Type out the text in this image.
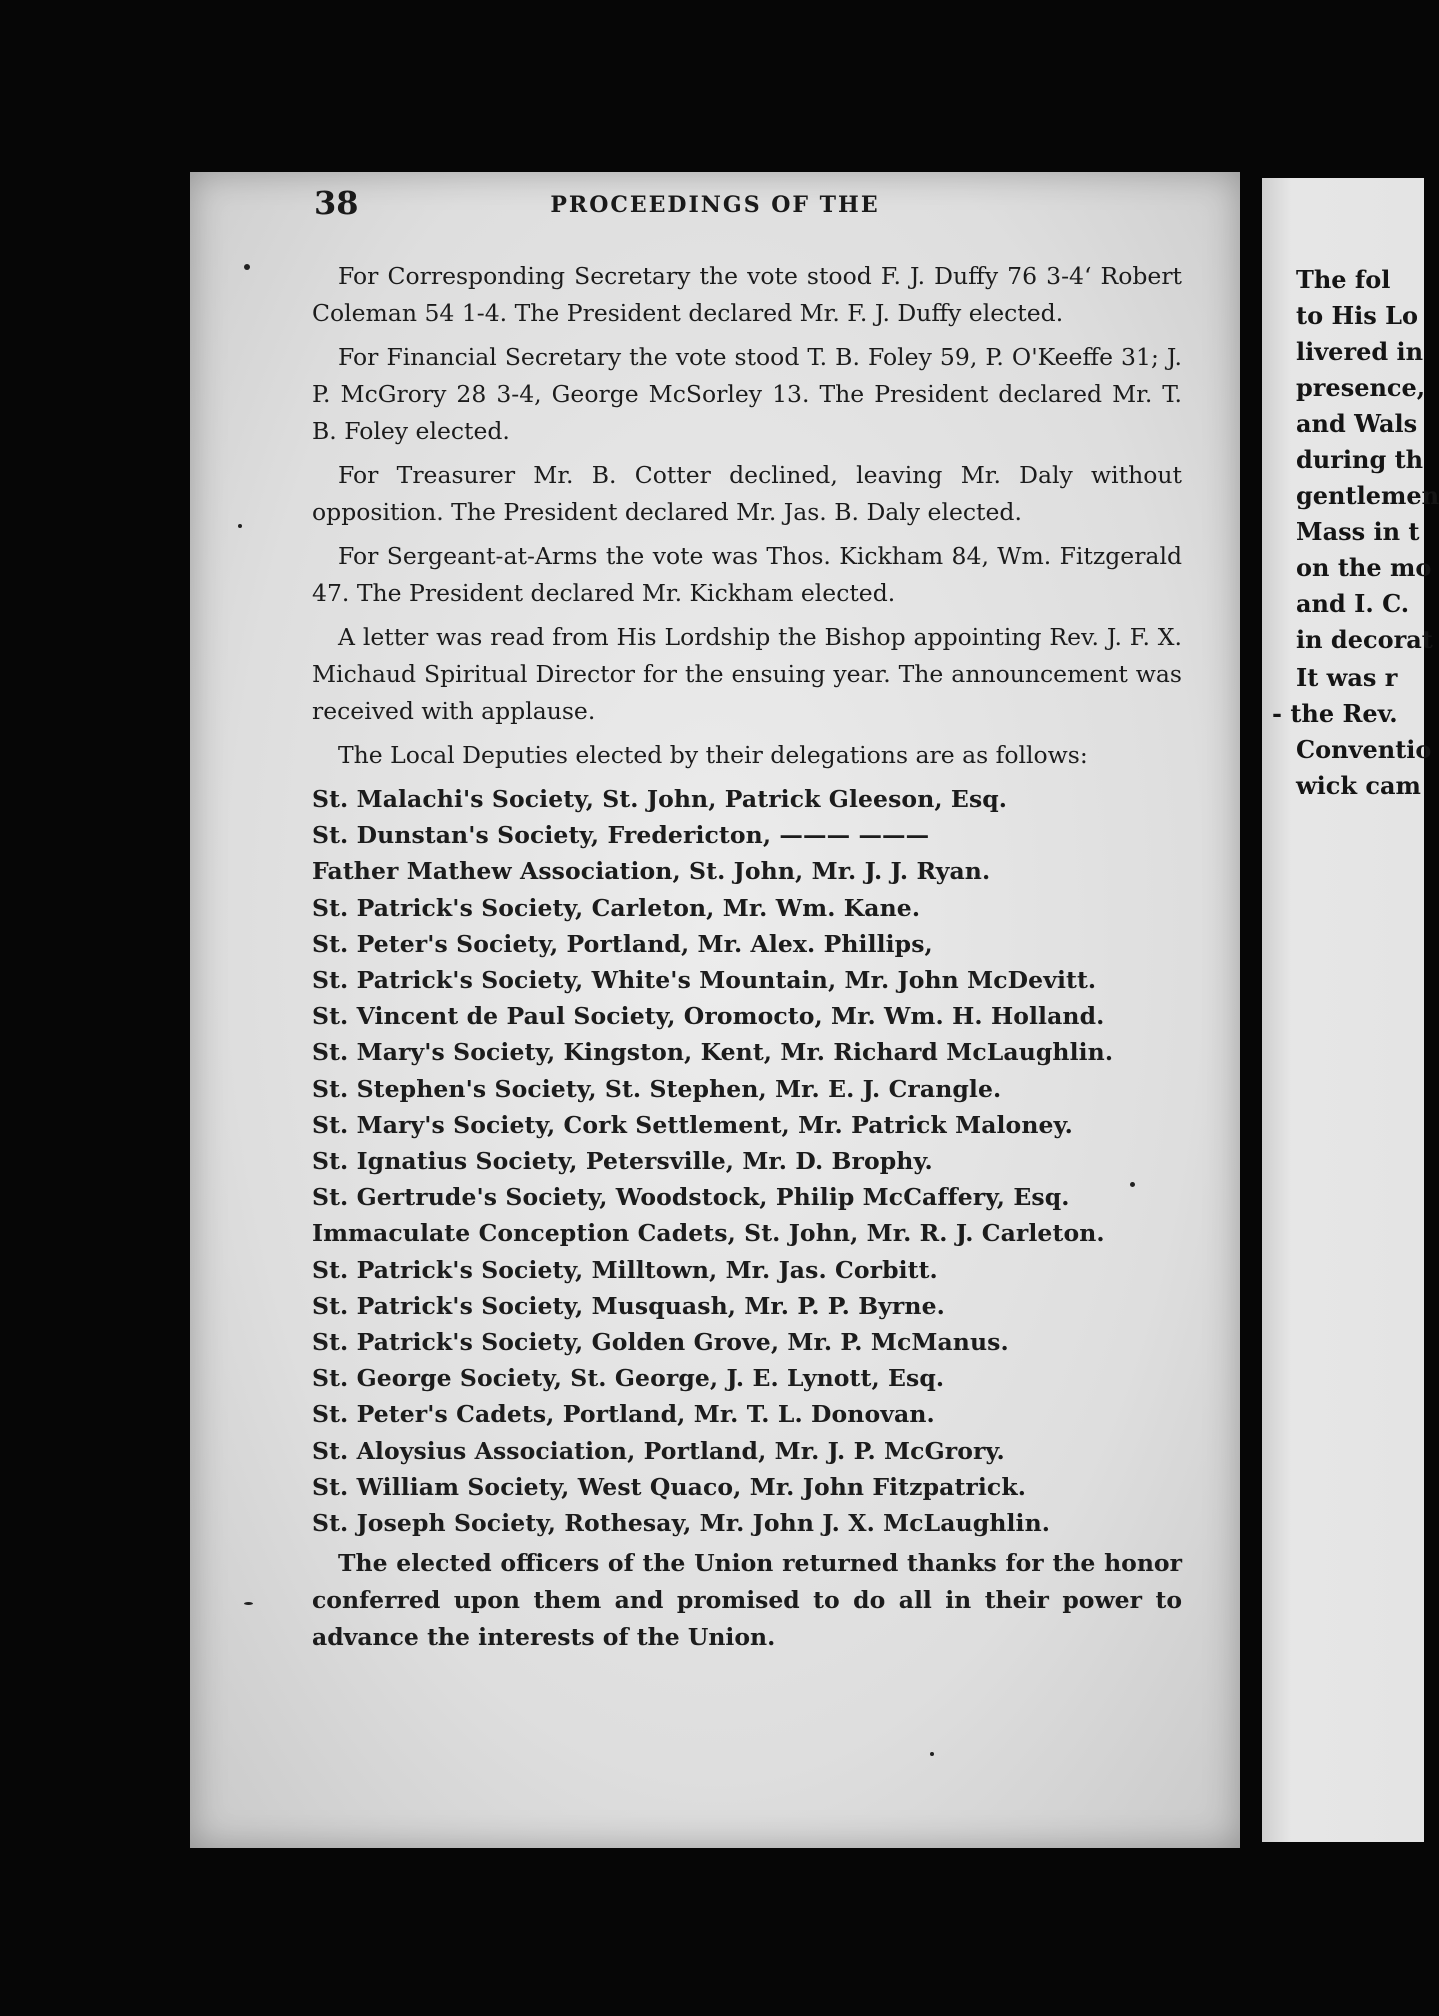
38	PROCEEDINGS OF THE

For Corresponding Secretary the vote stood F. J. Duffy 76 3-4‘ Robert Coleman 54 1-4. The President declared Mr. F. J. Duffy elected.

For Financial Secretary the vote stood T. B. Foley 59, P. O'Keeffe 31; J. P. McGrory 28 3-4, George McSorley 13. The President declared Mr. T. B. Foley elected.

For Treasurer Mr. B. Cotter declined, leaving Mr. Daly without opposition. The President declared Mr. Jas. B. Daly elected.

For Sergeant-at-Arms the vote was Thos. Kickham 84, Wm. Fitzgerald 47. The President declared Mr. Kickham elected.

A letter was read from His Lordship the Bishop appointing Rev. J. F. X. Michaud Spiritual Director for the ensuing year. The announcement was received with applause.

The Local Deputies elected by their delegations are as follows:

St. Malachi's Society, St. John, Patrick Gleeson, Esq.
St. Dunstan's Society, Fredericton, ——— ———
Father Mathew Association, St. John, Mr. J. J. Ryan.
St. Patrick's Society, Carleton, Mr. Wm. Kane.
St. Peter's Society, Portland, Mr. Alex. Phillips,
St. Patrick's Society, White's Mountain, Mr. John McDevitt.
St. Vincent de Paul Society, Oromocto, Mr. Wm. H. Holland.
St. Mary's Society, Kingston, Kent, Mr. Richard McLaughlin.
St. Stephen's Society, St. Stephen, Mr. E. J. Crangle.
St. Mary's Society, Cork Settlement, Mr. Patrick Maloney.
St. Ignatius Society, Petersville, Mr. D. Brophy.
St. Gertrude's Society, Woodstock, Philip McCaffery, Esq.
Immaculate Conception Cadets, St. John, Mr. R. J. Carleton.
St. Patrick's Society, Milltown, Mr. Jas. Corbitt.
St. Patrick's Society, Musquash, Mr. P. P. Byrne.
St. Patrick's Society, Golden Grove, Mr. P. McManus.
St. George Society, St. George, J. E. Lynott, Esq.
St. Peter's Cadets, Portland, Mr. T. L. Donovan.
St. Aloysius Association, Portland, Mr. J. P. McGrory.
St. William Society, West Quaco, Mr. John Fitzpatrick.
St. Joseph Society, Rothesay, Mr. John J. X. McLaughlin.

The elected officers of the Union returned thanks for the honor conferred upon them and promised to do all in their power to advance the interests of the Union.

The fol
to His Lo
livered in
presence,
and Wals
during th
gentlemen
Mass in t
on the mo
and I. C.
in decorat
It was r
- the Rev.
Conventio
wick cam
